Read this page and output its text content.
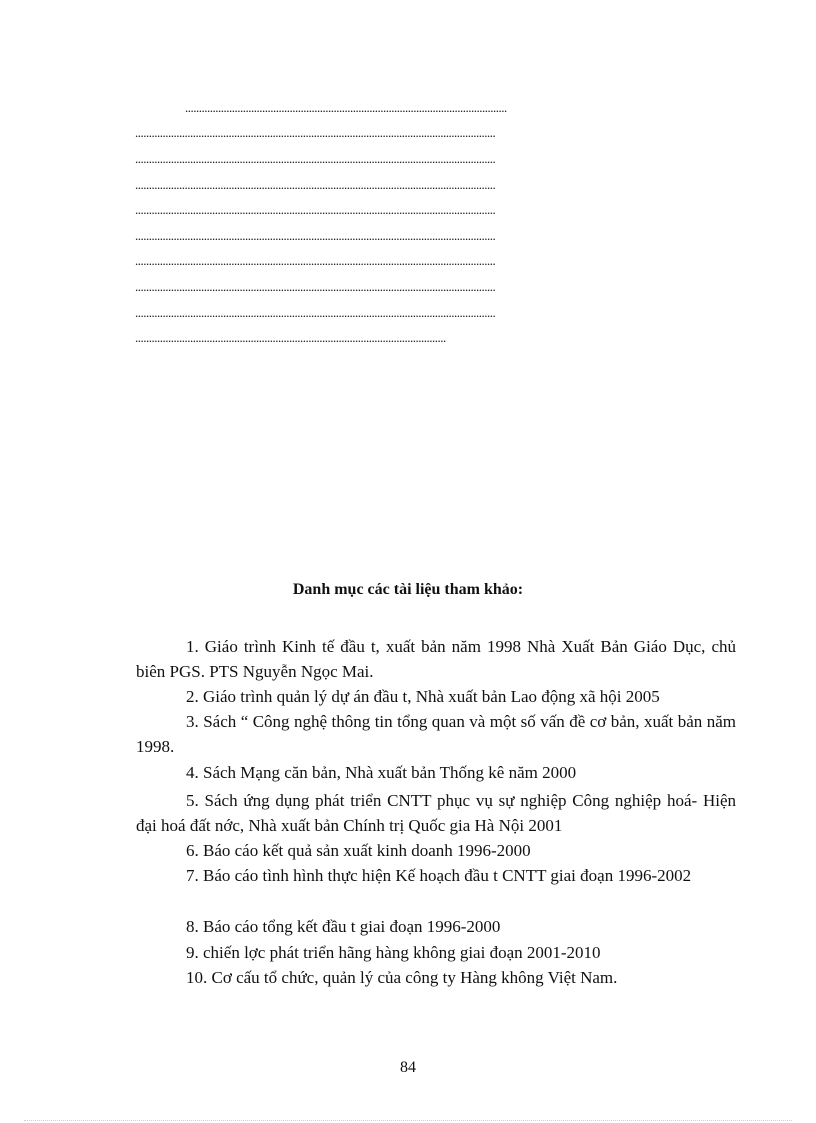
.....................................................................................................................
...................................................................................................................................
...................................................................................................................................
...................................................................................................................................
...................................................................................................................................
...................................................................................................................................
...................................................................................................................................
...................................................................................................................................
...................................................................................................................................
.................................................................................................................
Danh mục các tài liệu tham khảo:
1. Giáo trình Kinh tế đầu t, xuất bản năm 1998 Nhà Xuất Bản Giáo Dục, chủ biên PGS. PTS Nguyễn Ngọc Mai.
2. Giáo trình quản lý dự án đầu t, Nhà xuất bản Lao động xã hội 2005
3. Sách “ Công nghệ thông tin tổng quan và một số vấn đề cơ bản, xuất bản năm 1998.
4. Sách Mạng căn bản, Nhà xuất bản Thống kê năm 2000
5. Sách ứng dụng phát triển CNTT phục vụ sự nghiệp Công nghiệp hoá- Hiện đại hoá đất nớc, Nhà xuất bản Chính trị Quốc gia Hà Nội 2001
6. Báo cáo kết quả sản xuất kinh doanh 1996-2000
7. Báo cáo tình hình thực hiện Kế hoạch đầu t CNTT giai đoạn 1996-2002
8. Báo cáo tổng kết đầu t giai đoạn 1996-2000
9. chiến lợc phát triển hãng hàng không giai đoạn 2001-2010
10. Cơ cấu tổ chức, quản lý của công ty Hàng không Việt Nam.
84
